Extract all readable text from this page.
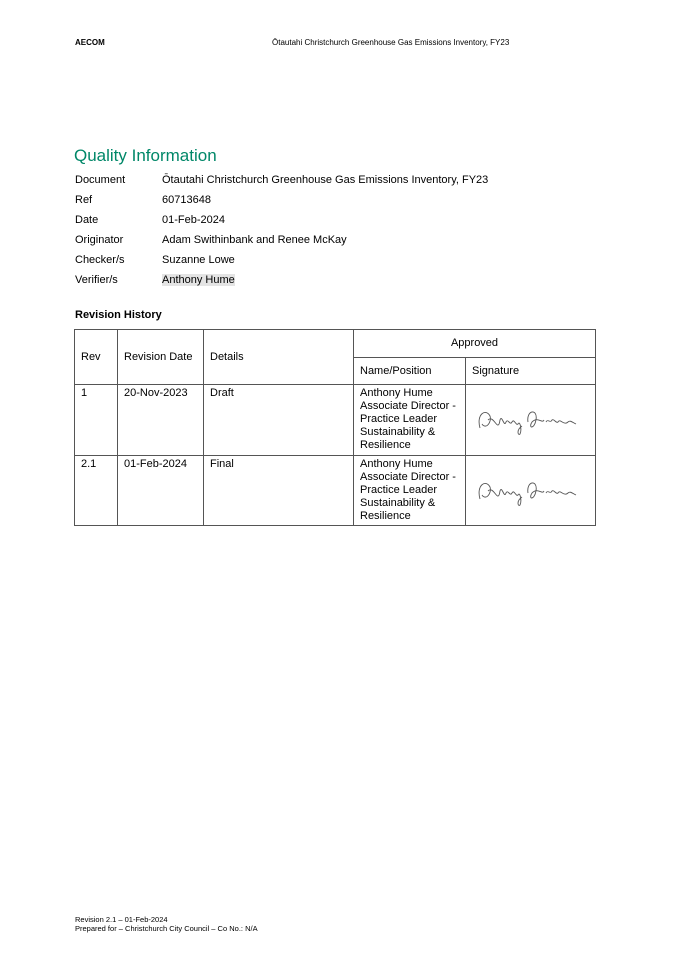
AECOM	Ōtautahi Christchurch Greenhouse Gas Emissions Inventory, FY23
Quality Information
Document	Ōtautahi Christchurch Greenhouse Gas Emissions Inventory, FY23
Ref	60713648
Date	01-Feb-2024
Originator	Adam Swithinbank and Renee McKay
Checker/s	Suzanne Lowe
Verifier/s	Anthony Hume
Revision History
Rev	Revision Date	Details	Approved	
			Name/Position	Signature
1	20-Nov-2023	Draft	Anthony Hume
Associate Director -
Practice Leader
Sustainability &
Resilience

2.1	01-Feb-2024	Final	Anthony Hume
Associate Director -
Practice Leader
Sustainability &
Resilience

Revision 2.1 – 01-Feb-2024
Prepared for – Christchurch City Council – Co No.: N/A
